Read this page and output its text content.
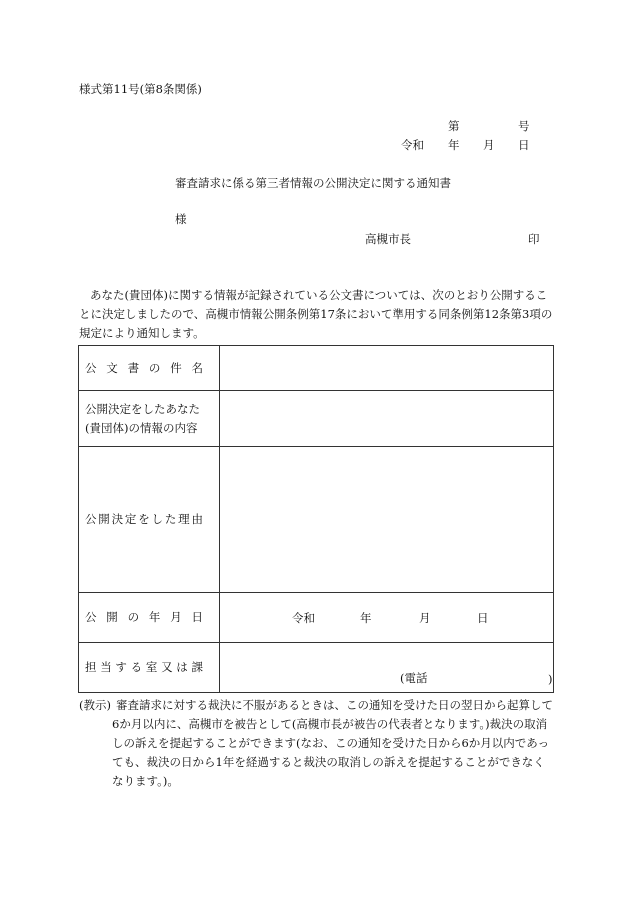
様式第11号(第8条関係)
第	号
令和 年 月 日
審査請求に係る第三者情報の公開決定に関する通知書
様
高槻市長	印
あなた(貴団体)に関する情報が記録されている公文書については、次のとおり公開することに決定しましたので、高槻市情報公開条例第17条において準用する同条例第12条第3項の規定により通知します。
公文書の件名	

公開決定をしたあなた
(貴団体)の情報の内容	

公開決定をした理由	

公開の年月日	令和 年 月 日

担当する室又は課	(電話 )
(教示) 審査請求に対する裁決に不服があるときは、この通知を受けた日の翌日から起算して6か月以内に、高槻市を被告として(高槻市長が被告の代表者となります。)裁決の取消しの訴えを提起することができます(なお、この通知を受けた日から6か月以内であっても、裁決の日から1年を経過すると裁決の取消しの訴えを提起することができなくなります。)。
